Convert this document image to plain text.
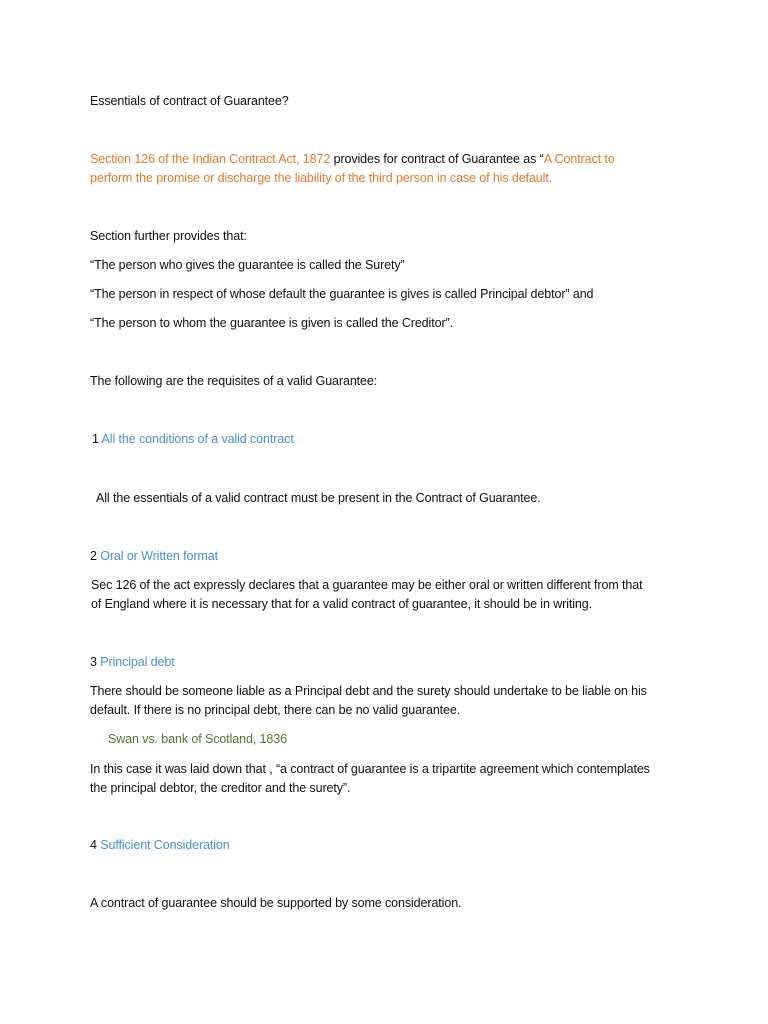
Essentials of contract of Guarantee?
Section 126 of the Indian Contract Act, 1872 provides for contract of Guarantee as “A Contract to
perform the promise or discharge the liability of the third person in case of his default.
Section further provides that:
“The person who gives the guarantee is called the Surety”
“The person in respect of whose default the guarantee is gives is called Principal debtor” and
“The person to whom the guarantee is given is called the Creditor”.
The following are the requisites of a valid Guarantee:
1 All the conditions of a valid contract
All the essentials of a valid contract must be present in the Contract of Guarantee.
2 Oral or Written format
Sec 126 of the act expressly declares that a guarantee may be either oral or written different from that
of England where it is necessary that for a valid contract of guarantee, it should be in writing.
3 Principal debt
There should be someone liable as a Principal debt and the surety should undertake to be liable on his
default. If there is no principal debt, there can be no valid guarantee.
Swan vs. bank of Scotland, 1836
In this case it was laid down that , “a contract of guarantee is a tripartite agreement which contemplates
the principal debtor, the creditor and the surety”.
4 Sufficient Consideration
A contract of guarantee should be supported by some consideration.
